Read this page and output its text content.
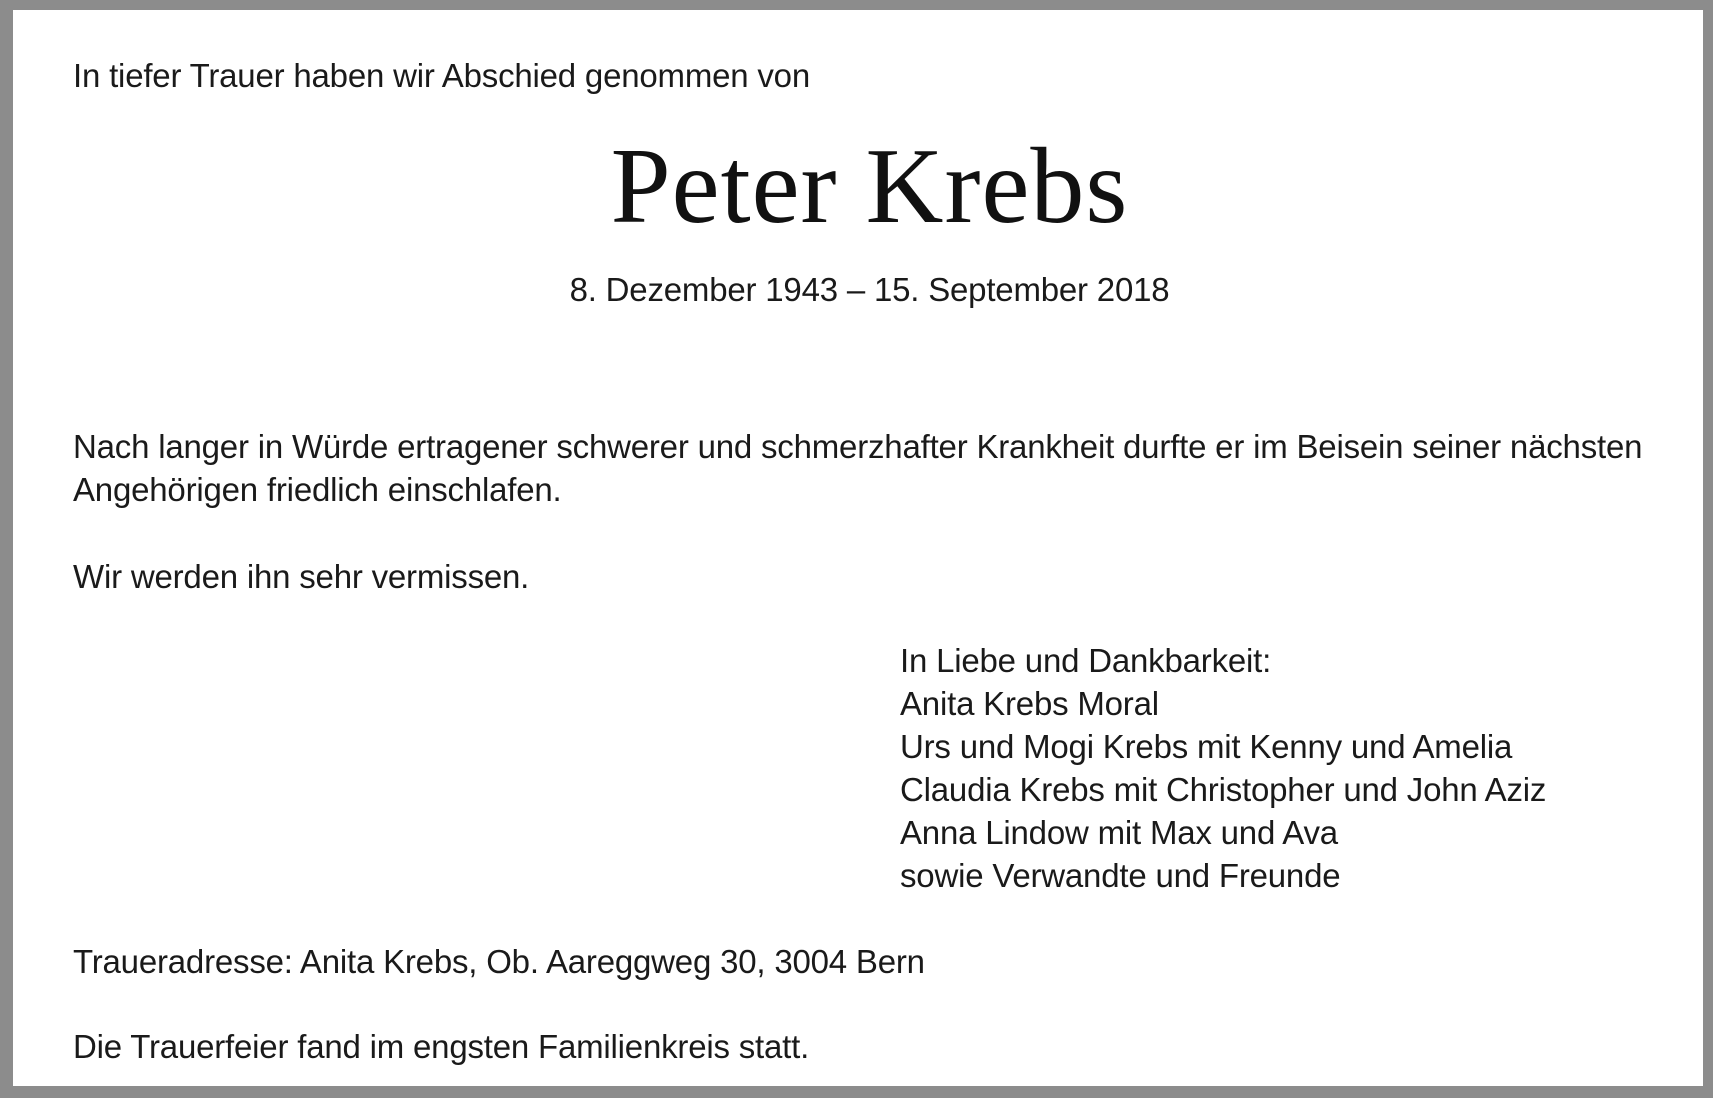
In tiefer Trauer haben wir Abschied genommen von
Peter Krebs
8. Dezember 1943 – 15. September 2018
Nach langer in Würde ertragener schwerer und schmerzhafter Krankheit durfte er im Beisein seiner nächsten
Angehörigen friedlich einschlafen.
Wir werden ihn sehr vermissen.
In Liebe und Dankbarkeit:
Anita Krebs Moral
Urs und Mogi Krebs mit Kenny und Amelia
Claudia Krebs mit Christopher und John Aziz
Anna Lindow mit Max und Ava
sowie Verwandte und Freunde
Traueradresse: Anita Krebs, Ob. Aareggweg 30, 3004 Bern
Die Trauerfeier fand im engsten Familienkreis statt.
